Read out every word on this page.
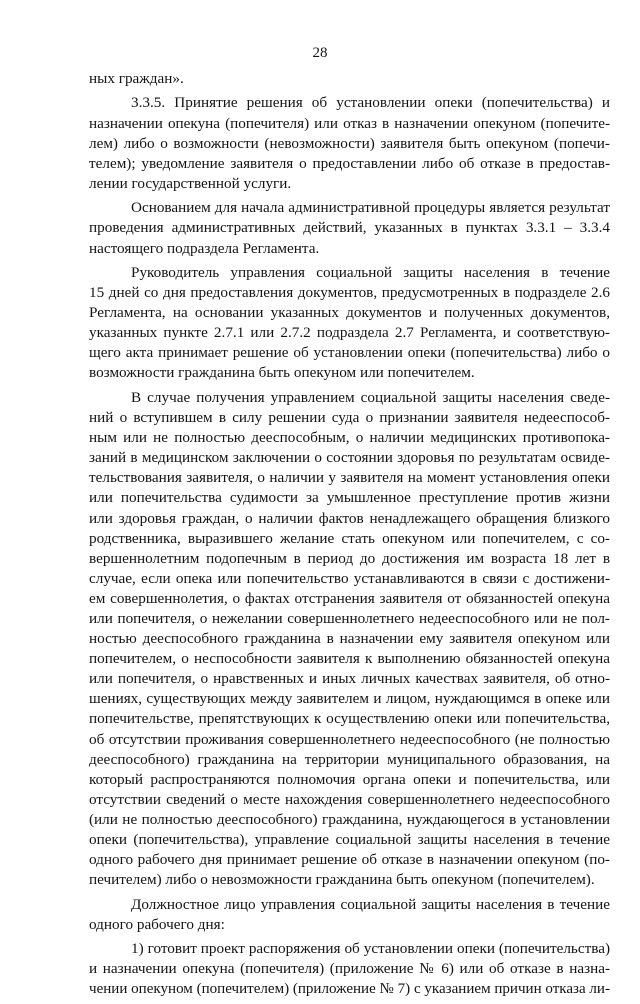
28
ных граждан».
3.3.5. Принятие решения об установлении опеки (попечительства) и
назначении опекуна (попечителя) или отказ в назначении опекуном (попечите-
лем) либо о возможности (невозможности) заявителя быть опекуном (попечи-
телем); уведомление заявителя о предоставлении либо об отказе в предостав-
лении государственной услуги.
Основанием для начала административной процедуры является результат
проведения административных действий, указанных в пунктах 3.3.1 – 3.3.4
настоящего подраздела Регламента.
Руководитель управления социальной защиты населения в течение
15 дней со дня предоставления документов, предусмотренных в подразделе 2.6
Регламента, на основании указанных документов и полученных документов,
указанных пункте 2.7.1 или 2.7.2 подраздела 2.7 Регламента, и соответствую-
щего акта принимает решение об установлении опеки (попечительства) либо о
возможности гражданина быть опекуном или попечителем.
В случае получения управлением социальной защиты населения сведе-
ний о вступившем в силу решении суда о признании заявителя недееспособ-
ным или не полностью дееспособным, о наличии медицинских противопока-
заний в медицинском заключении о состоянии здоровья по результатам освиде-
тельствования заявителя, о наличии у заявителя на момент установления опеки
или попечительства судимости за умышленное преступление против жизни
или здоровья граждан, о наличии фактов ненадлежащего обращения близкого
родственника, выразившего желание стать опекуном или попечителем, с со-
вершеннолетним подопечным в период до достижения им возраста 18 лет в
случае, если опека или попечительство устанавливаются в связи с достижени-
ем совершеннолетия, о фактах отстранения заявителя от обязанностей опекуна
или попечителя, о нежелании совершеннолетнего недееспособного или не пол-
ностью дееспособного гражданина в назначении ему заявителя опекуном или
попечителем, о неспособности заявителя к выполнению обязанностей опекуна
или попечителя, о нравственных и иных личных качествах заявителя, об отно-
шениях, существующих между заявителем и лицом, нуждающимся в опеке или
попечительстве, препятствующих к осуществлению опеки или попечительства,
об отсутствии проживания совершеннолетнего недееспособного (не полностью
дееспособного) гражданина на территории муниципального образования, на
который распространяются полномочия органа опеки и попечительства, или
отсутствии сведений о месте нахождения совершеннолетнего недееспособного
(или не полностью дееспособного) гражданина, нуждающегося в установлении
опеки (попечительства), управление социальной защиты населения в течение
одного рабочего дня принимает решение об отказе в назначении опекуном (по-
печителем) либо о невозможности гражданина быть опекуном (попечителем).
Должностное лицо управления социальной защиты населения в течение
одного рабочего дня:
1) готовит проект распоряжения об установлении опеки (попечительства)
и назначении опекуна (попечителя) (приложение № 6) или об отказе в назна-
чении опекуном (попечителем) (приложение № 7) с указанием причин отказа ли-
